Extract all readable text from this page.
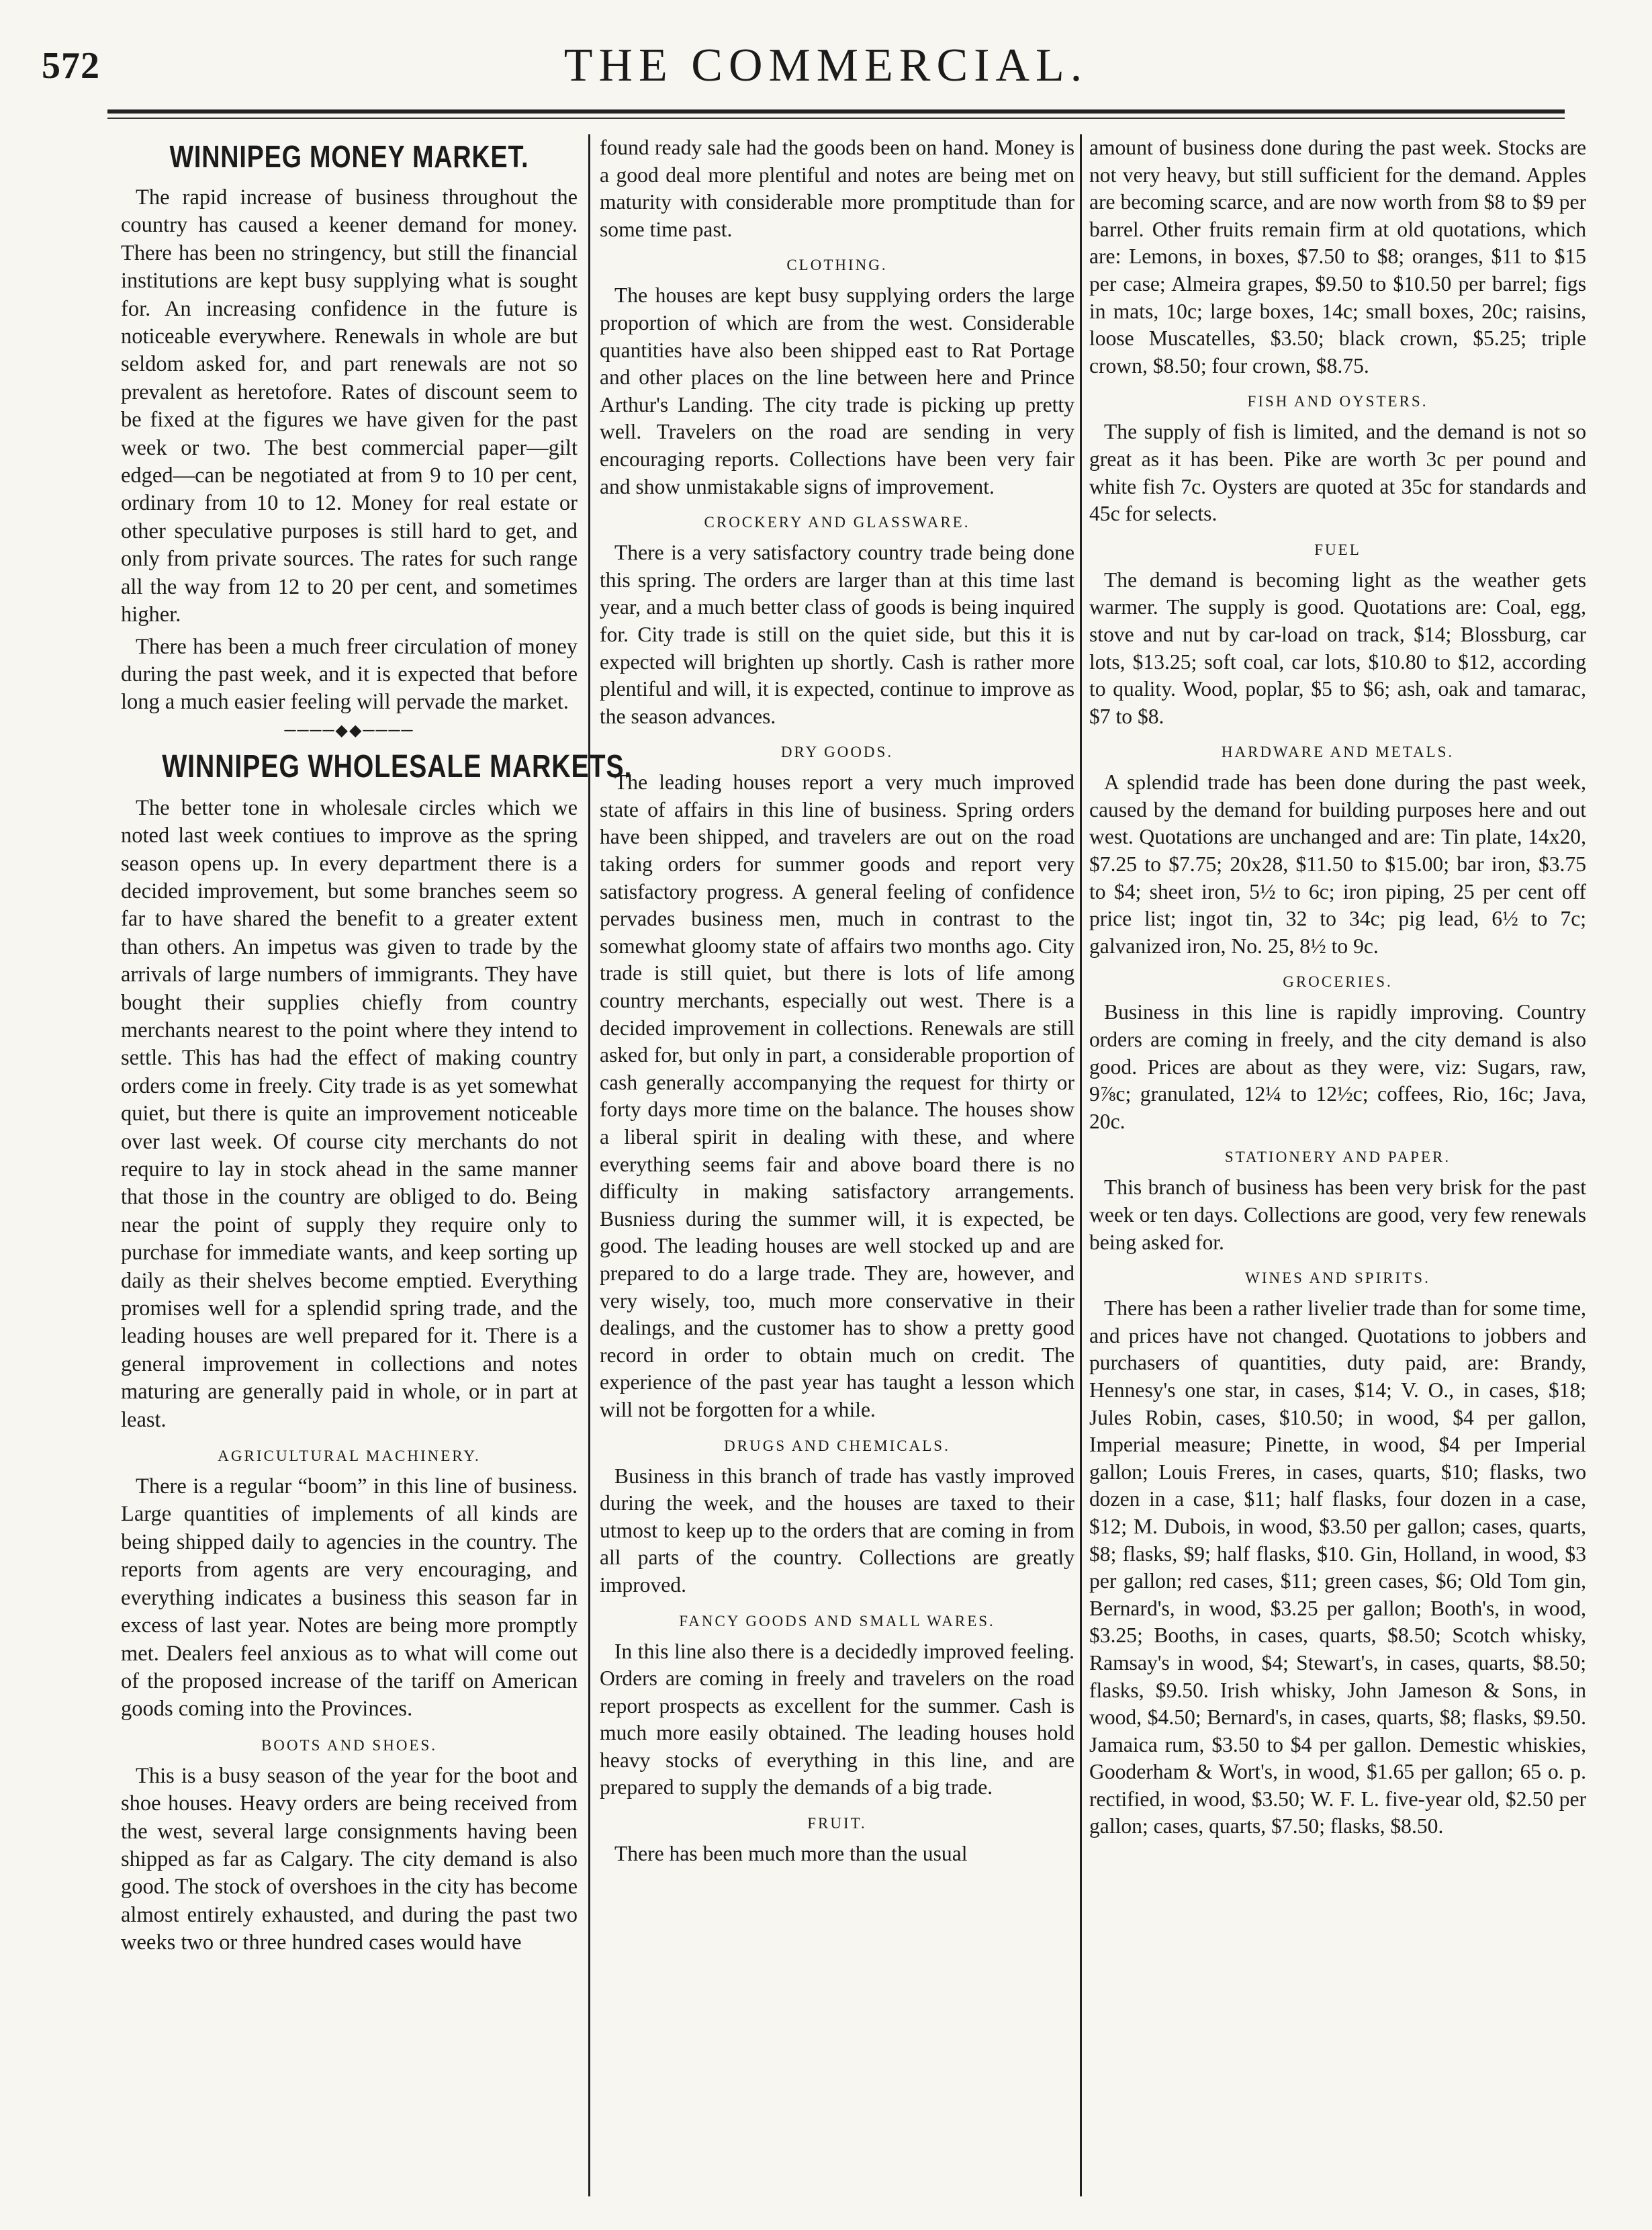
572	THE COMMERCIAL.
WINNIPEG MONEY MARKET.

The rapid increase of business throughout the country has caused a keener demand for money. There has been no stringency, but still the financial institutions are kept busy supplying what is sought for. An increasing confidence in the future is noticeable everywhere. Renewals in whole are but seldom asked for, and part renewals are not so prevalent as heretofore. Rates of discount seem to be fixed at the figures we have given for the past week or two. The best commercial paper—gilt edged—can be negotiated at from 9 to 10 per cent, ordinary from 10 to 12. Money for real estate or other speculative purposes is still hard to get, and only from private sources. The rates for such range all the way from 12 to 20 per cent, and sometimes higher.

There has been a much freer circulation of money during the past week, and it is expected that before long a much easier feeling will pervade the market.

────◆◆────
WINNIPEG WHOLESALE MARKETS.

The better tone in wholesale circles which we noted last week contiues to improve as the spring season opens up. In every department there is a decided improvement, but some branches seem so far to have shared the benefit to a greater extent than others. An impetus was given to trade by the arrivals of large numbers of immigrants. They have bought their supplies chiefly from country merchants nearest to the point where they intend to settle. This has had the effect of making country orders come in freely. City trade is as yet somewhat quiet, but there is quite an improvement noticeable over last week. Of course city merchants do not require to lay in stock ahead in the same manner that those in the country are obliged to do. Being near the point of supply they require only to purchase for immediate wants, and keep sorting up daily as their shelves become emptied. Everything promises well for a splendid spring trade, and the leading houses are well prepared for it. There is a general improvement in collections and notes maturing are generally paid in whole, or in part at least.

AGRICULTURAL MACHINERY.

There is a regular “boom” in this line of business. Large quantities of implements of all kinds are being shipped daily to agencies in the country. The reports from agents are very encouraging, and everything indicates a business this season far in excess of last year. Notes are being more promptly met. Dealers feel anxious as to what will come out of the proposed increase of the tariff on American goods coming into the Provinces.

BOOTS AND SHOES.

This is a busy season of the year for the boot and shoe houses. Heavy orders are being received from the west, several large consignments having been shipped as far as Calgary. The city demand is also good. The stock of overshoes in the city has become almost entirely exhausted, and during the past two weeks two or three hundred cases would have

found ready sale had the goods been on hand. Money is a good deal more plentiful and notes are being met on maturity with considerable more promptitude than for some time past.

CLOTHING.

The houses are kept busy supplying orders the large proportion of which are from the west. Considerable quantities have also been shipped east to Rat Portage and other places on the line between here and Prince Arthur's Landing. The city trade is picking up pretty well. Travelers on the road are sending in very encouraging reports. Collections have been very fair and show unmistakable signs of improvement.

CROCKERY AND GLASSWARE.

There is a very satisfactory country trade being done this spring. The orders are larger than at this time last year, and a much better class of goods is being inquired for. City trade is still on the quiet side, but this it is expected will brighten up shortly. Cash is rather more plentiful and will, it is expected, continue to improve as the season advances.

DRY GOODS.

The leading houses report a very much improved state of affairs in this line of business. Spring orders have been shipped, and travelers are out on the road taking orders for summer goods and report very satisfactory progress. A general feeling of confidence pervades business men, much in contrast to the somewhat gloomy state of affairs two months ago. City trade is still quiet, but there is lots of life among country merchants, especially out west. There is a decided improvement in collections. Renewals are still asked for, but only in part, a considerable proportion of cash generally accompanying the request for thirty or forty days more time on the balance. The houses show a liberal spirit in dealing with these, and where everything seems fair and above board there is no difficulty in making satisfactory arrangements. Busniess during the summer will, it is expected, be good. The leading houses are well stocked up and are prepared to do a large trade. They are, however, and very wisely, too, much more conservative in their dealings, and the customer has to show a pretty good record in order to obtain much on credit. The experience of the past year has taught a lesson which will not be forgotten for a while.

DRUGS AND CHEMICALS.

Business in this branch of trade has vastly improved during the week, and the houses are taxed to their utmost to keep up to the orders that are coming in from all parts of the country. Collections are greatly improved.

FANCY GOODS AND SMALL WARES.

In this line also there is a decidedly improved feeling. Orders are coming in freely and travelers on the road report prospects as excellent for the summer. Cash is much more easily obtained. The leading houses hold heavy stocks of everything in this line, and are prepared to supply the demands of a big trade.

FRUIT.

There has been much more than the usual

amount of business done during the past week. Stocks are not very heavy, but still sufficient for the demand. Apples are becoming scarce, and are now worth from $8 to $9 per barrel. Other fruits remain firm at old quotations, which are: Lemons, in boxes, $7.50 to $8; oranges, $11 to $15 per case; Almeira grapes, $9.50 to $10.50 per barrel; figs in mats, 10c; large boxes, 14c; small boxes, 20c; raisins, loose Muscatelles, $3.50; black crown, $5.25; triple crown, $8.50; four crown, $8.75.

FISH AND OYSTERS.

The supply of fish is limited, and the demand is not so great as it has been. Pike are worth 3c per pound and white fish 7c. Oysters are quoted at 35c for standards and 45c for selects.

FUEL

The demand is becoming light as the weather gets warmer. The supply is good. Quotations are: Coal, egg, stove and nut by car-load on track, $14; Blossburg, car lots, $13.25; soft coal, car lots, $10.80 to $12, according to quality. Wood, poplar, $5 to $6; ash, oak and tamarac, $7 to $8.

HARDWARE AND METALS.

A splendid trade has been done during the past week, caused by the demand for building purposes here and out west. Quotations are unchanged and are: Tin plate, 14x20, $7.25 to $7.75; 20x28, $11.50 to $15.00; bar iron, $3.75 to $4; sheet iron, 5½ to 6c; iron piping, 25 per cent off price list; ingot tin, 32 to 34c; pig lead, 6½ to 7c; galvanized iron, No. 25, 8½ to 9c.

GROCERIES.

Business in this line is rapidly improving. Country orders are coming in freely, and the city demand is also good. Prices are about as they were, viz: Sugars, raw, 9⅞c; granulated, 12¼ to 12½c; coffees, Rio, 16c; Java, 20c.

STATIONERY AND PAPER.

This branch of business has been very brisk for the past week or ten days. Collections are good, very few renewals being asked for.

WINES AND SPIRITS.

There has been a rather livelier trade than for some time, and prices have not changed. Quotations to jobbers and purchasers of quantities, duty paid, are: Brandy, Hennesy's one star, in cases, $14; V. O., in cases, $18; Jules Robin, cases, $10.50; in wood, $4 per gallon, Imperial measure; Pinette, in wood, $4 per Imperial gallon; Louis Freres, in cases, quarts, $10; flasks, two dozen in a case, $11; half flasks, four dozen in a case, $12; M. Dubois, in wood, $3.50 per gallon; cases, quarts, $8; flasks, $9; half flasks, $10. Gin, Holland, in wood, $3 per gallon; red cases, $11; green cases, $6; Old Tom gin, Bernard's, in wood, $3.25 per gallon; Booth's, in wood, $3.25; Booths, in cases, quarts, $8.50; Scotch whisky, Ramsay's in wood, $4; Stewart's, in cases, quarts, $8.50; flasks, $9.50. Irish whisky, John Jameson & Sons, in wood, $4.50; Bernard's, in cases, quarts, $8; flasks, $9.50. Jamaica rum, $3.50 to $4 per gallon. Demestic whiskies, Gooderham & Wort's, in wood, $1.65 per gallon; 65 o. p. rectified, in wood, $3.50; W. F. L. five-year old, $2.50 per gallon; cases, quarts, $7.50; flasks, $8.50.
